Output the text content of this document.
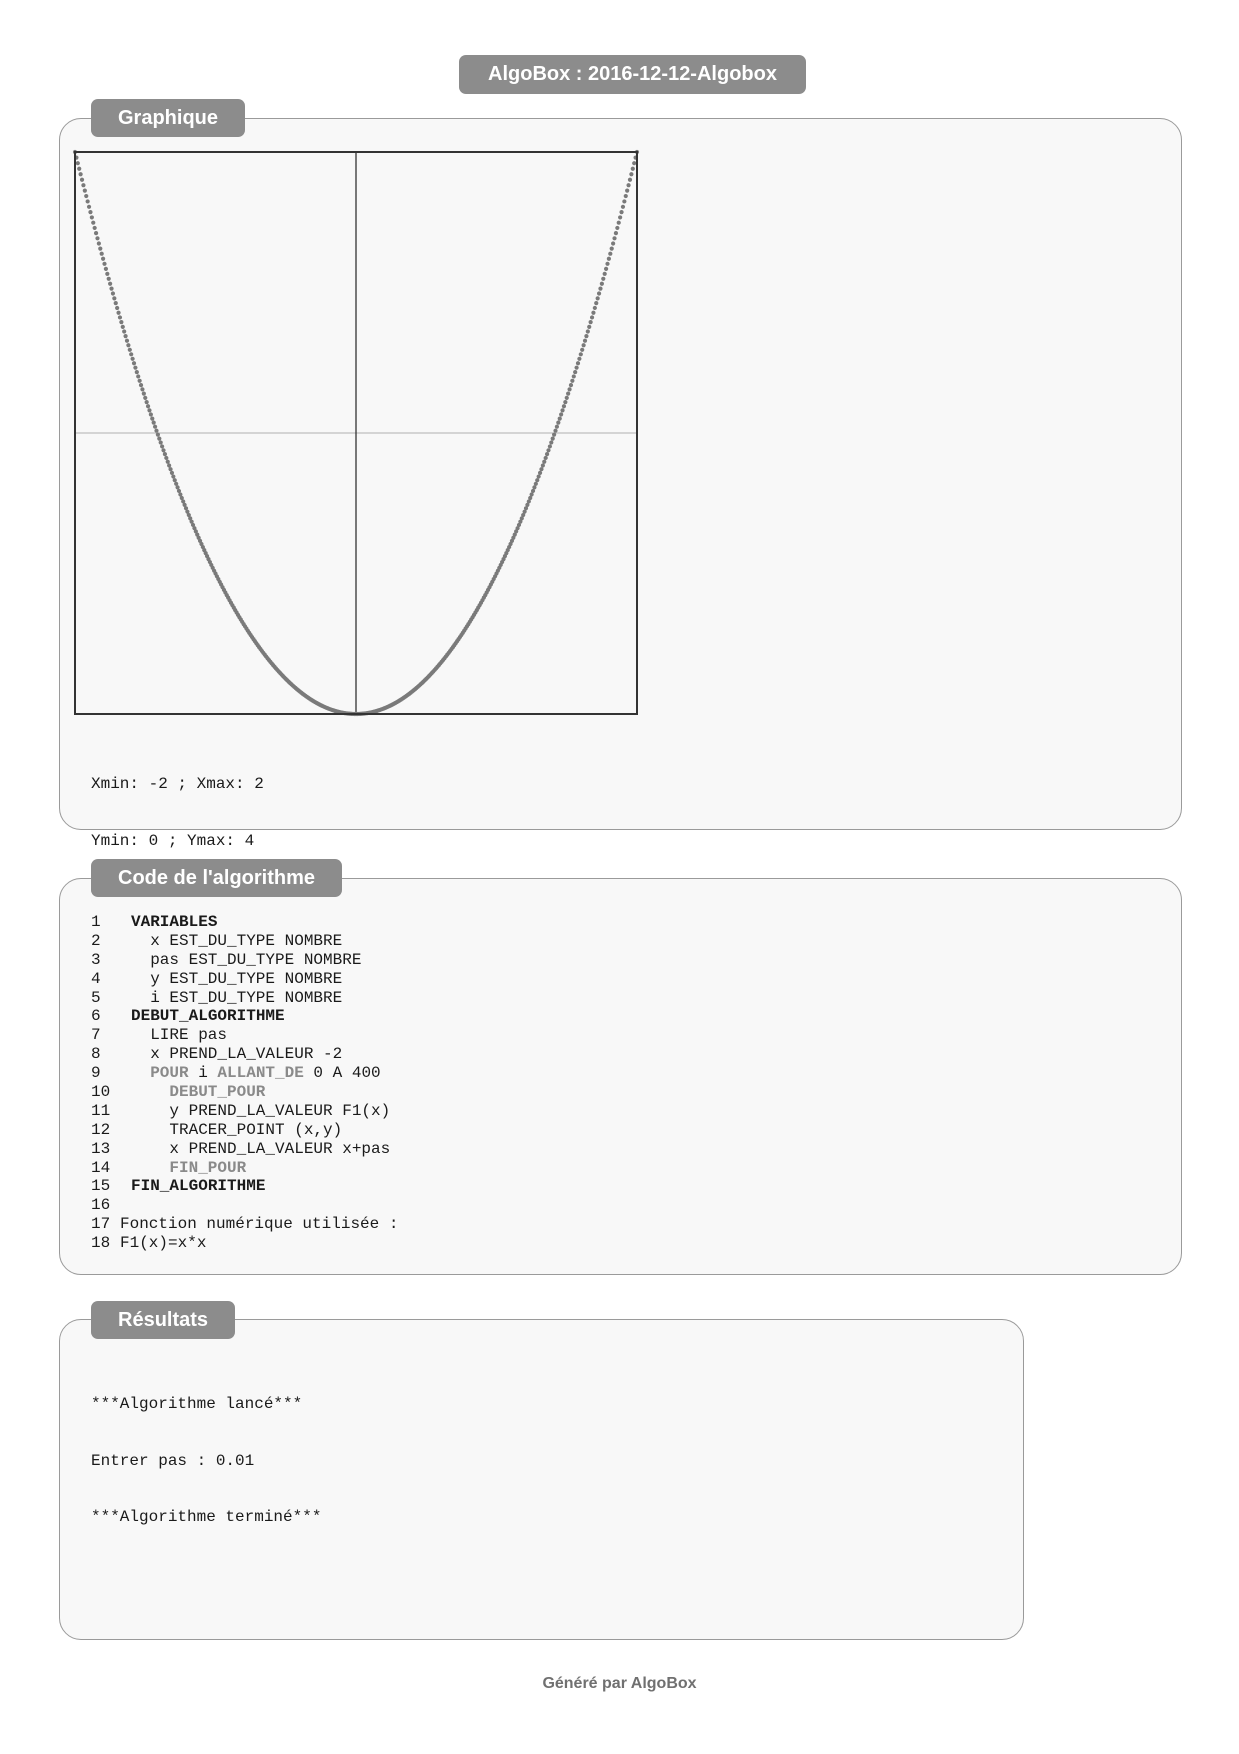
AlgoBox : 2016-12-12-Algobox
Graphique

Xmin: -2 ; Xmax: 2

Ymin: 0 ; Ymax: 4

Code de l'algorithme
1	VARIABLES
2	x EST_DU_TYPE NOMBRE
3	pas EST_DU_TYPE NOMBRE
4	y EST_DU_TYPE NOMBRE
5	i EST_DU_TYPE NOMBRE
6	DEBUT_ALGORITHME
7	LIRE pas
8	x PREND_LA_VALEUR -2
9	POUR i ALLANT_DE 0 A 400
10	DEBUT_POUR
11	y PREND_LA_VALEUR F1(x)
12	TRACER_POINT (x,y)
13	x PREND_LA_VALEUR x+pas
14	FIN_POUR
15	FIN_ALGORITHME
16
17 Fonction numérique utilisée :
18 F1(x)=x*x
Résultats

***Algorithme lancé***

Entrer pas : 0.01

***Algorithme terminé***

Généré par AlgoBox
